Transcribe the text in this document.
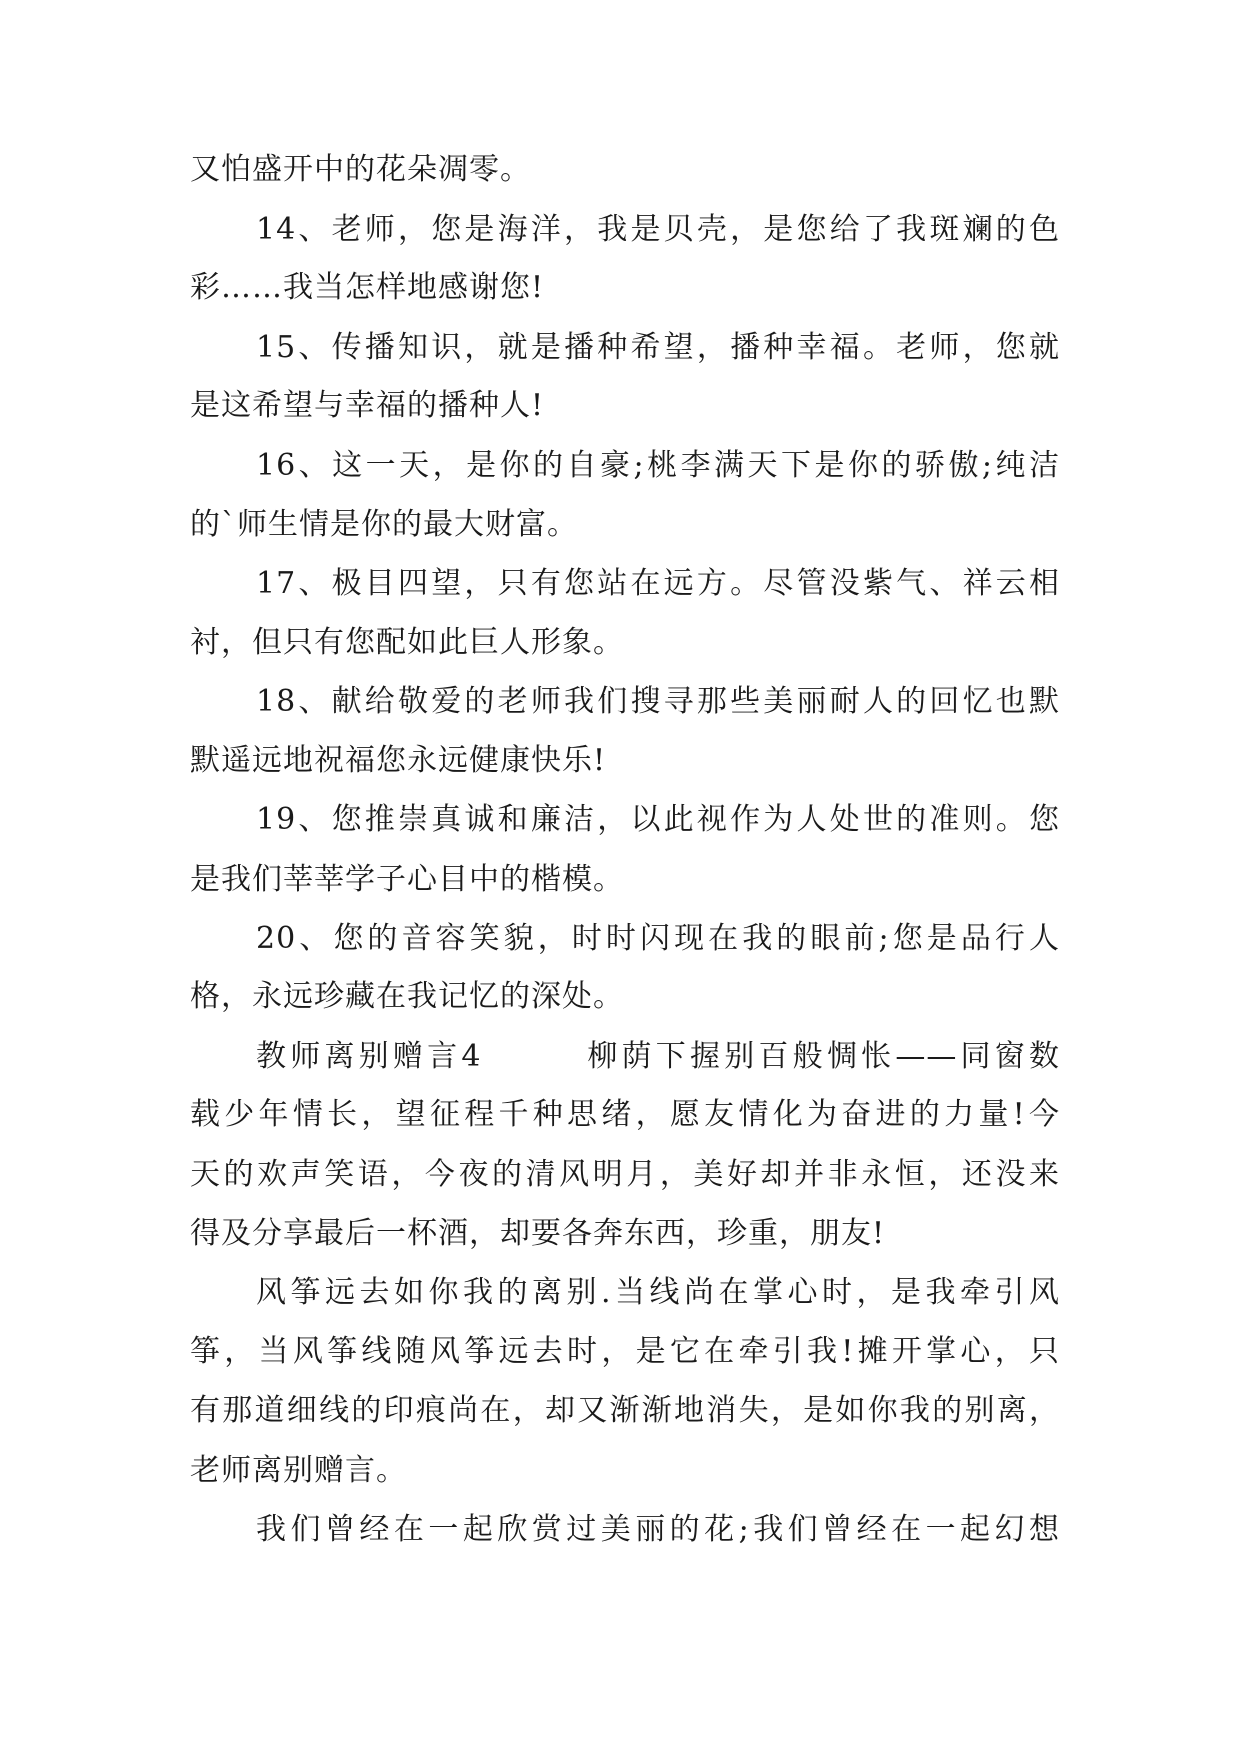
又怕盛开中的花朵凋零。

14、老师，您是海洋，我是贝壳，是您给了我斑斓的色

彩……我当怎样地感谢您!

15、传播知识，就是播种希望，播种幸福。老师，您就

是这希望与幸福的播种人!

16、这一天，是你的自豪;桃李满天下是你的骄傲;纯洁

的`师生情是你的最大财富。

17、极目四望，只有您站在远方。尽管没紫气、祥云相

衬，但只有您配如此巨人形象。

18、献给敬爱的老师我们搜寻那些美丽耐人的回忆也默

默遥远地祝福您永远健康快乐!

19、您推崇真诚和廉洁，以此视作为人处世的准则。您

是我们莘莘学子心目中的楷模。

20、您的音容笑貌，时时闪现在我的眼前;您是品行人

格，永远珍藏在我记忆的深处。

教师离别赠言4　　　柳荫下握别百般惆怅——同窗数

载少年情长，望征程千种思绪，愿友情化为奋进的力量!今

天的欢声笑语，今夜的清风明月，美好却并非永恒，还没来

得及分享最后一杯酒，却要各奔东西，珍重，朋友!

风筝远去如你我的离别.当线尚在掌心时，是我牵引风

筝，当风筝线随风筝远去时，是它在牵引我!摊开掌心，只

有那道细线的印痕尚在，却又渐渐地消失，是如你我的别离，

老师离别赠言。

我们曾经在一起欣赏过美丽的花;我们曾经在一起幻想
